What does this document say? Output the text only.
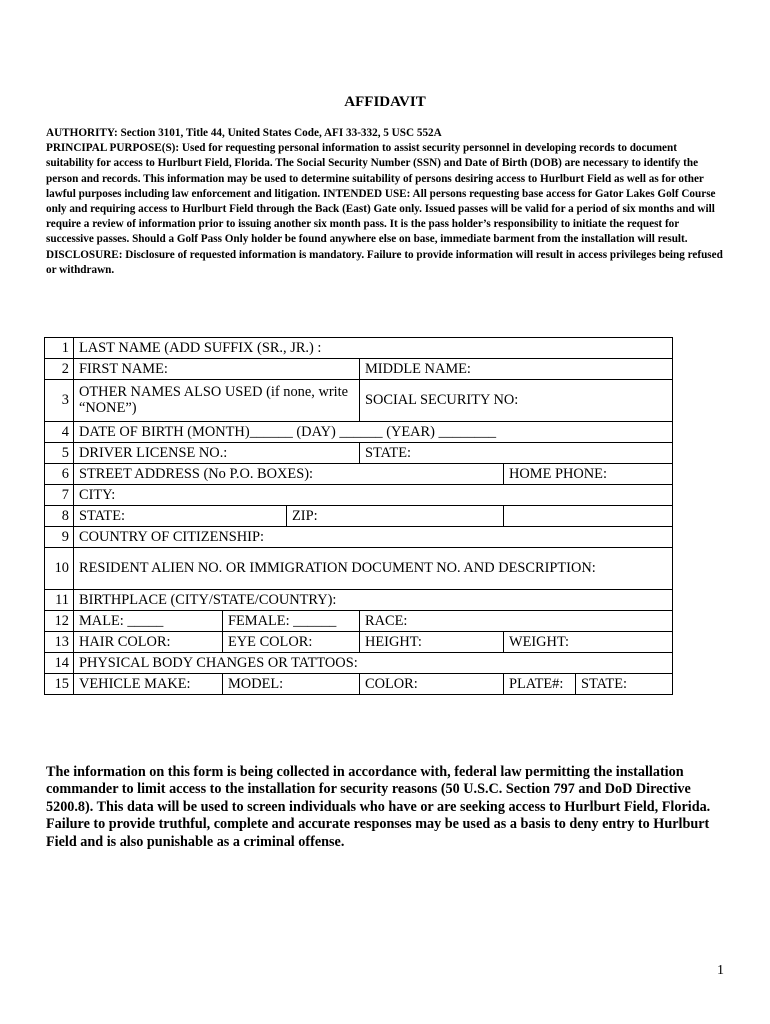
AFFIDAVIT

AUTHORITY: Section 3101, Title 44, United States Code, AFI 33-332, 5 USC 552A

PRINCIPAL PURPOSE(S): Used for requesting personal information to assist security personnel in developing records to document suitability for access to Hurlburt Field, Florida. The Social Security Number (SSN) and Date of Birth (DOB) are necessary to identify the person and records. This information may be used to determine suitability of persons desiring access to Hurlburt Field as well as for other lawful purposes including law enforcement and litigation. INTENDED USE: All persons requesting base access for Gator Lakes Golf Course only and requiring access to Hurlburt Field through the Back (East) Gate only. Issued passes will be valid for a period of six months and will require a review of information prior to issuing another six month pass. It is the pass holder’s responsibility to initiate the request for successive passes. Should a Golf Pass Only holder be found anywhere else on base, immediate barment from the installation will result. DISCLOSURE: Disclosure of requested information is mandatory. Failure to provide information will result in access privileges being refused or withdrawn.

1	LAST NAME (ADD SUFFIX (SR., JR.) :					
2	FIRST NAME:			MIDDLE NAME:		
3	OTHER NAMES ALSO USED (if none, write “NONE”)			SOCIAL SECURITY NO:		
4	DATE OF BIRTH (MONTH)______ (DAY) ______ (YEAR) ________					
5	DRIVER LICENSE NO.:			STATE:		
6	STREET ADDRESS (No P.O. BOXES):				HOME PHONE:	
7	CITY:					
8	STATE:		ZIP:			
9	COUNTRY OF CITIZENSHIP:					
10	RESIDENT ALIEN NO. OR IMMIGRATION DOCUMENT NO. AND DESCRIPTION:					
11	BIRTHPLACE (CITY/STATE/COUNTRY):					
12	MALE: _____	FEMALE: ______		RACE:		
13	HAIR COLOR:	EYE COLOR:		HEIGHT:	WEIGHT:	
14	PHYSICAL BODY CHANGES OR TATTOOS:					
15	VEHICLE MAKE:	MODEL:		COLOR:	PLATE#:	STATE:

The information on this form is being collected in accordance with, federal law permitting the installation commander to limit access to the installation for security reasons (50 U.S.C. Section 797 and DoD Directive 5200.8). This data will be used to screen individuals who have or are seeking access to Hurlburt Field, Florida. Failure to provide truthful, complete and accurate responses may be used as a basis to deny entry to Hurlburt Field and is also punishable as a criminal offense.

1
